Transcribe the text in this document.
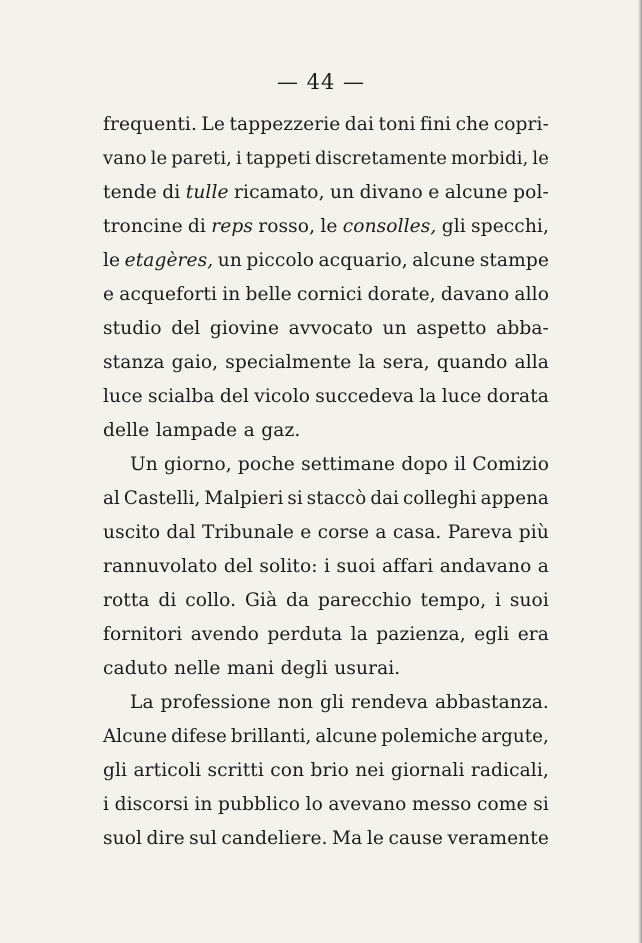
— 44 —
frequenti. Le tappezzerie dai toni fini che copri-
vano le pareti, i tappeti discretamente morbidi, le
tende di tulle ricamato, un divano e alcune pol-
troncine di reps rosso, le consolles, gli specchi,
le etagères, un piccolo acquario, alcune stampe
e acqueforti in belle cornici dorate, davano allo
studio del giovine avvocato un aspetto abba-
stanza gaio, specialmente la sera, quando alla
luce scialba del vicolo succedeva la luce dorata
delle lampade a gaz.
Un giorno, poche settimane dopo il Comizio
al Castelli, Malpieri si staccò dai colleghi appena
uscito dal Tribunale e corse a casa. Pareva più
rannuvolato del solito: i suoi affari andavano a
rotta di collo. Già da parecchio tempo, i suoi
fornitori avendo perduta la pazienza, egli era
caduto nelle mani degli usurai.
La professione non gli rendeva abbastanza.
Alcune difese brillanti, alcune polemiche argute,
gli articoli scritti con brio nei giornali radicali,
i discorsi in pubblico lo avevano messo come si
suol dire sul candeliere. Ma le cause veramente
